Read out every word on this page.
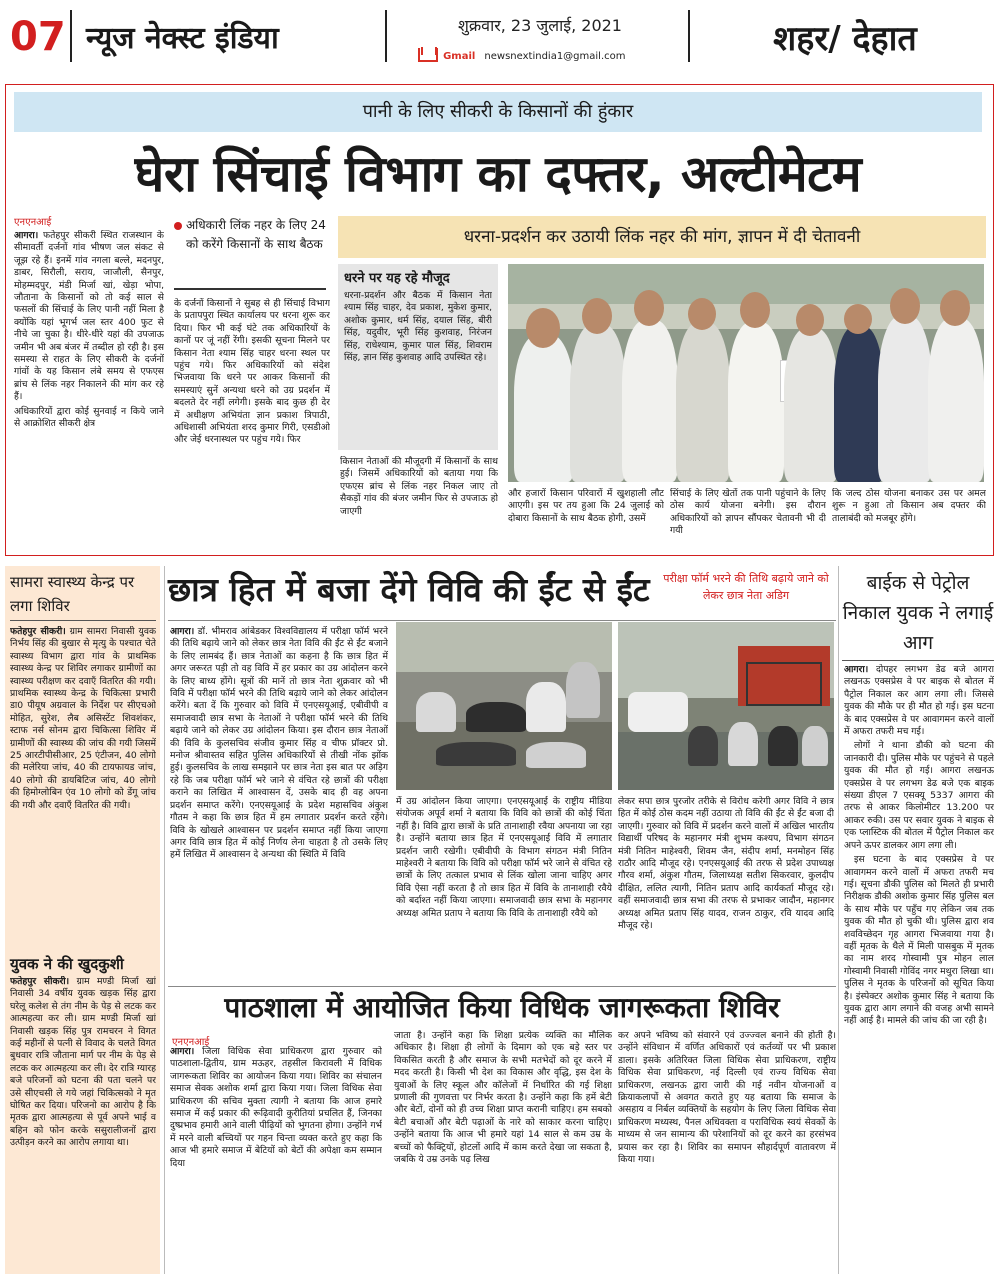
07 न्यूज नेक्स्ट इंडिया	शुक्रवार, 23 जुलाई, 2021
Gmail newsnextindia1@gmail.com	शहर/ देहात
पानी के लिए सीकरी के किसानों की हुंकार
घेरा सिंचाई विभाग का दफ्तर, अल्टीमेटम
एनएनआई

आगरा। फतेहपुर सीकरी स्थित राजस्थान के सीमावर्ती दर्जनों गांव भीषण जल संकट से जूझ रहे हैं। इनमें गांव नगला बल्ले, मदनपुर, डाबर, सिरौली, सराय, जाजौली, सैनपुर, मोहम्मदपुर, मंडी मिर्जा खां, खेड़ा भोपा, जौताना के किसानों को तो कई साल से फसलों की सिंचाई के लिए पानी नहीं मिला है क्योंकि यहां भूगर्भ जल स्तर 400 फुट से नीचे जा चुका है। धीरे-धीरे यहां की उपजाऊ जमीन भी अब बंजर में तब्दील हो रही है। इस समस्या से राहत के लिए सीकरी के दर्जनों गांवों के यह किसान लंबे समय से एफएस ब्रांच से लिंक नहर निकालने की मांग कर रहे हैं।

अधिकारियों द्वारा कोई सुनवाई न किये जाने से आक्रोशित सीकरी क्षेत्र

अधिकारी लिंक नहर के लिए 24 को करेंगे किसानों के साथ बैठक
के दर्जनों किसानों ने सुबह से ही सिंचाई विभाग के प्रतापपुरा स्थित कार्यालय पर धरना शुरू कर दिया। फिर भी कई घंटे तक अधिकारियों के कानों पर जूं नहीं रेंगी। इसकी सूचना मिलने पर किसान नेता श्याम सिंह चाहर धरना स्थल पर पहुंच गये। फिर अधिकारियों को संदेश भिजवाया कि धरने पर आकर किसानों की समस्याएं सुनें अन्यथा धरने को उग्र प्रदर्शन में बदलते देर नहीं लगेगी। इसके बाद कुछ ही देर में अधीक्षण अभियंता ज्ञान प्रकाश त्रिपाठी, अधिशासी अभियंता शरद कुमार गिरी, एसडीओ और जेई धरनास्थल पर पहुंच गये। फिर
धरना-प्रदर्शन कर उठायी लिंक नहर की मांग, ज्ञापन में दी चेतावनी
धरने पर यह रहे मौजूद
धरना-प्रदर्शन और बैठक में किसान नेता श्याम सिंह चाहर, देव प्रकाश, मुकेश कुमार, अशोक कुमार, धर्म सिंह, दयाल सिंह, बीरी सिंह, यदुवीर, भूरी सिंह कुशवाह, निरंजन सिंह, राधेश्याम, कुमार पाल सिंह, शिवराम सिंह, ज्ञान सिंह कुशवाह आदि उपस्थित रहे।
किसान नेताओं की मौजूदगी में किसानों के साथ हुई। जिसमें अधिकारियों को बताया गया कि एफएस ब्रांच से लिंक नहर निकल जाए तो सैकड़ों गांव की बंजर जमीन फिर से उपजाऊ हो जाएगी
और हजारों किसान परिवारों में खुशहाली लौट आएगी। इस पर तय हुआ कि 24 जुलाई को दोबारा किसानों के साथ बैठक होगी, उसमें
सिंचाई के लिए खेतों तक पानी पहुंचाने के लिए ठोस कार्य योजना बनेगी। इस दौरान अधिकारियों को ज्ञापन सौंपकर चेतावनी भी दी गयी
कि जल्द ठोस योजना बनाकर उस पर अमल शुरू न हुआ तो किसान अब दफ्तर की तालाबंदी को मजबूर होंगे।
सामरा स्वास्थ्य केन्द्र पर लगा शिविर

फतेहपुर सीकरी। ग्राम सामरा निवासी युवक निर्भय सिंह की बुखार से मृत्यु के पश्चात चेते स्वास्थ्य विभाग द्वारा गांव के प्राथमिक स्वास्थ्य केन्द्र पर शिविर लगाकर ग्रामीणों का स्वास्थ्य परीक्षण कर दवाएँ वितरित की गयी। प्राथमिक स्वास्थ्य केन्द्र के चिकित्सा प्रभारी डा0 पीयूष अग्रवाल के निर्देश पर सीएचओ मोहित, सुरेश, लैब असिस्टेंट शिवशंकर, स्टाफ नर्स सोनम द्वारा चिकित्सा शिविर में ग्रामीणों की स्वास्थ्य की जांच की गयी जिसमें 25 आरटीपीसीआर, 25 एंटीजन, 40 लोगो की मलेरिया जांच, 40 की टायफायड जांच, 40 लोगो की डायबिटिज जांच, 40 लोगो की हिमोग्लोबिन एंव 10 लोगो को डेंगू जांच की गयी और दवाएँ वितरित की गयी।

युवक ने की खुदकुशी

फतेहपुर सीकरी। ग्राम मण्डी मिर्जा खां निवासी 34 वर्षीय युवक खड़क सिंह द्वारा घरेलू कलेश से तंग नीम के पेड़ से लटक कर आत्महत्या कर ली। ग्राम मण्डी मिर्जा खां निवासी खड़क सिंह पुत्र रामचरन ने विगत कई महीनों से पत्नी से विवाद के चलते विगत बुधवार रात्रि जौताना मार्ग पर नीम के पेड़ से लटक कर आत्महत्या कर ली। देर रात्रि ग्यारह बजे परिजनों को घटना की पता चलने पर उसे सीएचसी ले गये जहां चिकित्सको ने मृत घोषित कर दिया। परिजनो का आरोप है कि मृतक द्वारा आत्महत्या से पूर्व अपने भाई व बहिन को फोन करके ससुरालीजनों द्वारा उत्पीड़न करने का आरोप लगाया था।

छात्र हित में बजा देंगे विवि की ईंट से ईंट	परीक्षा फॉर्म भरने की तिथि बढ़ाये जाने को लेकर छात्र नेता अडिग

आगरा। डॉ. भीमराव आंबेडकर विश्वविद्यालय में परीक्षा फॉर्म भरने की तिथि बढ़ाये जाने को लेकर छात्र नेता विवि की ईंट से ईंट बजाने के लिए लामबंद हैं। छात्र नेताओं का कहना है कि छात्र हित में अगर जरूरत पड़ी तो वह विवि में हर प्रकार का उग्र आंदोलन करने के लिए बाध्य होंगे। सूत्रों की मानें तो छात्र नेता शुक्रवार को भी विवि में परीक्षा फॉर्म भरने की तिथि बढ़ाये जाने को लेकर आंदोलन करेंगे। बता दें कि गुरुवार को विवि में एनएसयूआई, एबीवीपी व समाजवादी छात्र सभा के नेताओं ने परीक्षा फॉर्म भरने की तिथि बढ़ाये जाने को लेकर उग्र आंदोलन किया। इस दौरान छात्र नेताओं की विवि के कुलसचिव संजीव कुमार सिंह व चीफ प्रॉक्टर प्रो. मनोज श्रीवास्तव सहित पुलिस अधिकारियों से तीखी नोंक झोंक हुई। कुलसचिव के लाख समझाने पर छात्र नेता इस बात पर अड़िग रहे कि जब परीक्षा फॉर्म भरे जाने से वंचित रहे छात्रों की परीक्षा कराने का लिखित में आश्वासन दें, उसके बाद ही वह अपना प्रदर्शन समाप्त करेंगे। एनएसयूआई के प्रदेश महासचिव अंकुश गौतम ने कहा कि छात्र हित में हम लगातार प्रदर्शन करते रहेंगे। विवि के खोखले आश्वासन पर प्रदर्शन समाप्त नहीं किया जाएगा अगर विवि छात्र हित में कोई निर्णय लेना चाहता है तो उसके लिए हमें लिखित में आश्वासन दे अन्यथा की स्थिति में विवि

में उग्र आंदोलन किया जाएगा। एनएसयूआई के राष्ट्रीय मीडिया संयोजक अपूर्व शर्मा ने बताया कि विवि को छात्रों की कोई चिंता नहीं है। विवि द्वारा छात्रों के प्रति तानाशाही रवैया अपनाया जा रहा है। उन्होंने बताया छात्र हित में एनएसयूआई विवि में लगातार प्रदर्शन जारी रखेगी। एबीवीपी के विभाग संगठन मंत्री नितिन माहेश्वरी ने बताया कि विवि को परीक्षा फॉर्म भरे जाने से वंचित रहे छात्रों के लिए तत्काल प्रभाव से लिंक खोला जाना चाहिए अगर विवि ऐसा नहीं करता है तो छात्र हित में विवि के तानाशाही रवैये को बर्दाश्त नहीं किया जाएगा। समाजवादी छात्र सभा के महानगर अध्यक्ष अमित प्रताप ने बताया कि विवि के तानाशाही रवैये को
लेकर सपा छात्र पुरजोर तरीके से विरोध करेगी अगर विवि ने छात्र हित में कोई ठोस कदम नहीं उठाया तो विवि की ईंट से ईंट बजा दी जाएगी। गुरुवार को विवि में प्रदर्शन करने वालों में अखिल भारतीय विद्यार्थी परिषद के महानगर मंत्री शुभम कश्यप, विभाग संगठन मंत्री नितिन माहेश्वरी, शिवम जैन, संदीप शर्मा, मनमोहन सिंह राठौर आदि मौजूद रहे। एनएसयूआई की तरफ से प्रदेश उपाध्यक्ष गौरव शर्मा, अंकुश गौतम, जिलाध्यक्ष सतीश सिकरवार, कुलदीप दीक्षित, ललित त्यागी, नितिन प्रताप आदि कार्यकर्ता मौजूद रहे। वहीं समाजवादी छात्र सभा की तरफ से प्रभाकर जादौन, महानगर अध्यक्ष अमित प्रताप सिंह यादव, राजन ठाकुर, रवि यादव आदि मौजूद रहे।
पाठशाला में आयोजित किया विधिक जागरूकता शिविर
एनएनआई

आगरा। जिला विधिक सेवा प्राधिकरण द्वारा गुरुवार को पाठशाला-द्वितीय, ग्राम मऊहर, तहसील किरावली में विधिक जागरूकता शिविर का आयोजन किया गया। शिविर का संचालन समाज सेवक अशोक शर्मा द्वारा किया गया। जिला विधिक सेवा प्राधिकरण की सचिव मुक्ता त्यागी ने बताया कि आज हमारे समाज में कई प्रकार की रूढ़िवादी कुरीतियां प्रचलित हैं, जिनका दुष्प्रभाव हमारी आने वाली पीढ़ियों को भुगतना होगा। उन्होंने गर्भ में मरने वाली बच्चियों पर गहन चिन्ता व्यक्त करते हुए कहा कि आज भी हमारे समाज में बेटियों को बेटों की अपेक्षा कम सम्मान दिया

जाता है। उन्होंने कहा कि शिक्षा प्रत्येक व्यक्ति का मौलिक अधिकार है। शिक्षा ही लोगों के दिमाग को एक बड़े स्तर पर विकसित करती है और समाज के सभी मतभेदों को दूर करने में मदद करती है। किसी भी देश का विकास और वृद्धि, इस देश के युवाओं के लिए स्कूल और कॉलेजों में निर्धारित की गई शिक्षा प्रणाली की गुणवत्ता पर निर्भर करता है। उन्होंने कहा कि हमें बेटी और बेटों, दोनों को ही उच्च शिक्षा प्राप्त करानी चाहिए। हम सबको बेटी बचाओं और बेटी पढ़ाओं के नारे को साकार करना चाहिए। उन्होंने बताया कि आज भी हमारे यहां 14 साल से कम उम्र के बच्चों को फैक्ट्रियों, होटलों आदि में काम करते देखा जा सकता है, जबकि ये उम्र उनके पढ़ लिख
कर अपने भविष्य को संवारने एवं उज्ज्वल बनाने की होती है। उन्होंने संविधान में वर्णित अधिकारों एवं कर्तव्यों पर भी प्रकाश डाला। इसके अतिरिक्त जिला विधिक सेवा प्राधिकरण, राष्ट्रीय विधिक सेवा प्राधिकरण, नई दिल्ली एवं राज्य विधिक सेवा प्राधिकरण, लखनऊ द्वारा जारी की गई नवीन योजनाओं व क्रियाकलापों से अवगत कराते हुए यह बताया कि समाज के असहाय व निर्बल व्यक्तियों के सहयोग के लिए जिला विधिक सेवा प्राधिकरण मध्यस्थ, पैनल अधिवक्ता व पराविधिक स्वयं सेवकों के माध्यम से जन सामान्य की परेशानियों को दूर करने का हरसंभव प्रयास कर रहा है। शिविर का समापन सौहार्दपूर्ण वातावरण में किया गया।
बाईक से पेट्रोल निकाल युवक ने लगाई आग

आगरा। दोपहर लगभग डेढ बजे आगरा लखनऊ एक्सप्रेस वे पर बाइक से बोतल में पैट्रोल निकाल कर आग लगा ली। जिससे युवक की मौके पर ही मौत हो गई। इस घटना के बाद एक्सप्रेस वे पर आवागमन करने वालों में अफरा तफरी मच गई।

लोगों ने थाना डौकी को घटना की जानकारी दी। पुलिस मौके पर पहुंचने से पहले युवक की मौत हो गई। आगरा लखनऊ एक्सप्रेस वे पर लगभग डेढ बजे एक बाइक संख्या डीएल 7 एसक्यू 5337 आगरा की तरफ से आकर किलोमीटर 13.200 पर आकर रुकी। उस पर सवार युवक ने बाइक से एक प्लास्टिक की बोतल में पैट्रोल निकाल कर अपने ऊपर डालकर आग लगा ली।

इस घटना के बाद एक्सप्रेस वे पर आवागमन करने वालों में अफरा तफरी मच गई। सूचना डौकी पुलिस को मिलते ही प्रभारी निरीक्षक डौकी अशोक कुमार सिंह पुलिस बल के साथ मौके पर पहुँच गए लेकिन जब तक युवक की मौत हो चुकी थी। पुलिस द्वारा शव शवविच्छेदन गृह आगरा भिजवाया गया है। वहीं मृतक के थैले में मिली पासबुक में मृतक का नाम शरद गोस्वामी पुत्र मोहन लाल गोस्वामी निवासी गोविंद नगर मथुरा लिखा था। पुलिस ने मृतक के परिजनों को सूचित किया है। इंस्पेक्टर अशोक कुमार सिंह ने बताया कि युवक द्वारा आग लगाने की वजह अभी सामने नहीं आई है। मामले की जांच की जा रही है।
